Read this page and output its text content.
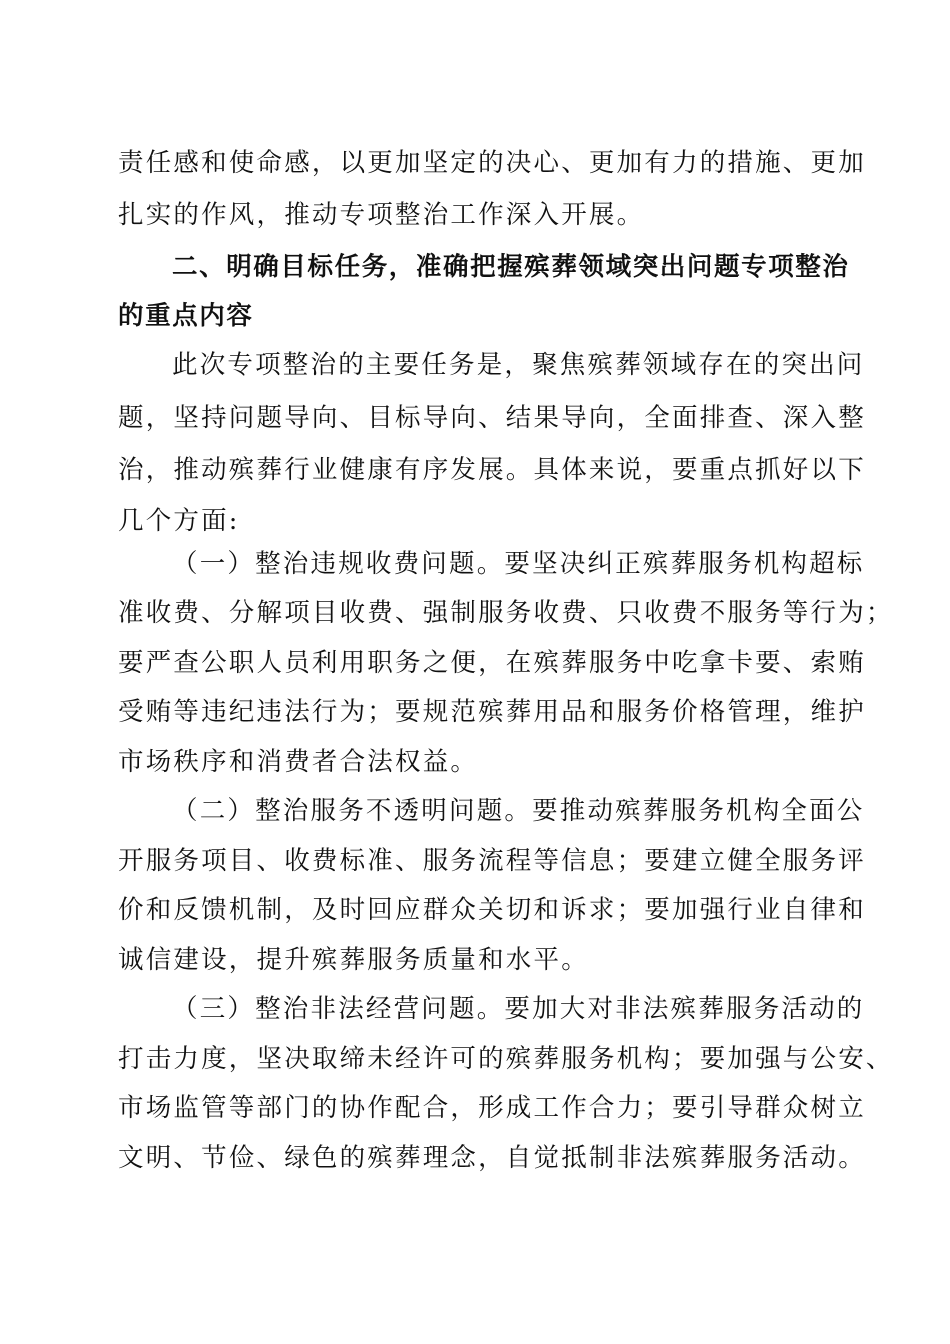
责任感和使命感，以更加坚定的决心、更加有力的措施、更加
扎实的作风，推动专项整治工作深入开展。
二、明确目标任务，准确把握殡葬领域突出问题专项整治
的重点内容
此次专项整治的主要任务是，聚焦殡葬领域存在的突出问
题，坚持问题导向、目标导向、结果导向，全面排查、深入整
治，推动殡葬行业健康有序发展。具体来说，要重点抓好以下
几个方面:
（一）整治违规收费问题。要坚决纠正殡葬服务机构超标
准收费、分解项目收费、强制服务收费、只收费不服务等行为；
要严查公职人员利用职务之便，在殡葬服务中吃拿卡要、索贿
受贿等违纪违法行为；要规范殡葬用品和服务价格管理，维护
市场秩序和消费者合法权益。
（二）整治服务不透明问题。要推动殡葬服务机构全面公
开服务项目、收费标准、服务流程等信息；要建立健全服务评
价和反馈机制，及时回应群众关切和诉求；要加强行业自律和
诚信建设，提升殡葬服务质量和水平。
（三）整治非法经营问题。要加大对非法殡葬服务活动的
打击力度，坚决取缔未经许可的殡葬服务机构；要加强与公安、
市场监管等部门的协作配合，形成工作合力；要引导群众树立
文明、节俭、绿色的殡葬理念，自觉抵制非法殡葬服务活动。
